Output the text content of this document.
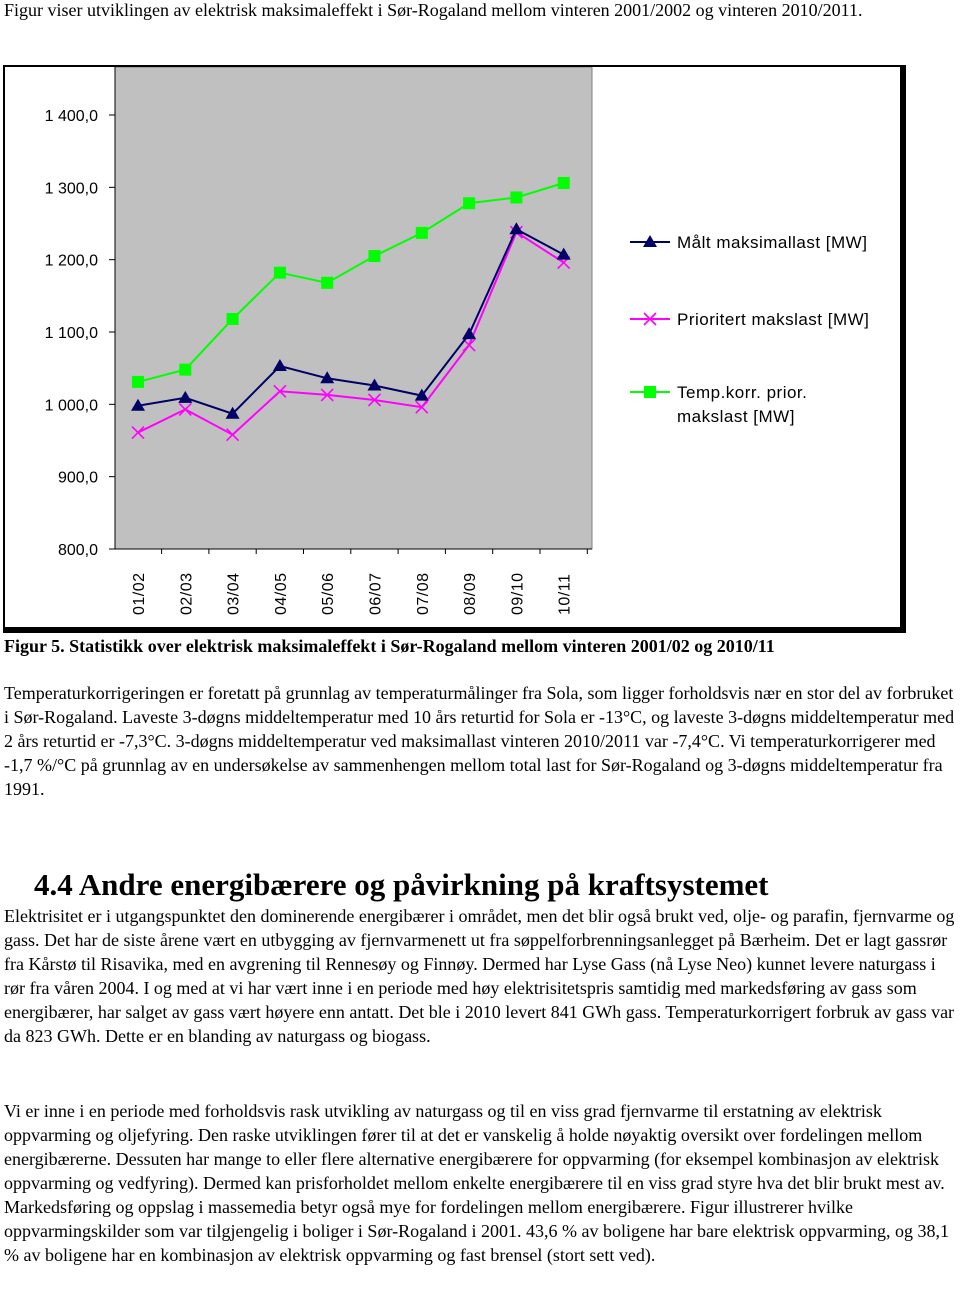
Figur viser utviklingen av elektrisk maksimaleffekt i Sør-Rogaland mellom vinteren 2001/2002 og vinteren 2010/2011.
1 400,0
1 300,0
1 200,0
1 100,0
1 000,0
900,0
800,0
01/02 02/03 03/04 04/05 05/06 06/07 07/08 08/09 09/10 10/11
Målt maksimallast [MW]
Prioritert makslast [MW]
Temp.korr. prior.
makslast [MW]
Figur 5. Statistikk over elektrisk maksimaleffekt i Sør-Rogaland mellom vinteren 2001/02 og 2010/11
Temperaturkorrigeringen er foretatt på grunnlag av temperaturmålinger fra Sola, som ligger forholdsvis nær en stor del av forbruket i Sør-Rogaland. Laveste 3-døgns middeltemperatur med 10 års returtid for Sola er -13°C, og laveste 3-døgns middeltemperatur med 2 års returtid er -7,3°C. 3-døgns middeltemperatur ved maksimallast vinteren 2010/2011 var -7,4°C. Vi temperaturkorrigerer med -1,7 %/°C på grunnlag av en undersøkelse av sammenhengen mellom total last for Sør-Rogaland og 3-døgns middeltemperatur fra 1991.
4.4 Andre energibærere og påvirkning på kraftsystemet
Elektrisitet er i utgangspunktet den dominerende energibærer i området, men det blir også brukt ved, olje- og parafin, fjernvarme og gass. Det har de siste årene vært en utbygging av fjernvarmenett ut fra søppelforbrenningsanlegget på Bærheim. Det er lagt gassrør fra Kårstø til Risavika, med en avgrening til Rennesøy og Finnøy. Dermed har Lyse Gass (nå Lyse Neo) kunnet levere naturgass i rør fra våren 2004. I og med at vi har vært inne i en periode med høy elektrisitetspris samtidig med markedsføring av gass som energibærer, har salget av gass vært høyere enn antatt. Det ble i 2010 levert 841 GWh gass. Temperaturkorrigert forbruk av gass var da 823 GWh. Dette er en blanding av naturgass og biogass.
Vi er inne i en periode med forholdsvis rask utvikling av naturgass og til en viss grad fjernvarme til erstatning av elektrisk oppvarming og oljefyring. Den raske utviklingen fører til at det er vanskelig å holde nøyaktig oversikt over fordelingen mellom energibærerne. Dessuten har mange to eller flere alternative energibærere for oppvarming (for eksempel kombinasjon av elektrisk oppvarming og vedfyring). Dermed kan prisforholdet mellom enkelte energibærere til en viss grad styre hva det blir brukt mest av. Markedsføring og oppslag i massemedia betyr også mye for fordelingen mellom energibærere. Figur illustrerer hvilke oppvarmingskilder som var tilgjengelig i boliger i Sør-Rogaland i 2001. 43,6 % av boligene har bare elektrisk oppvarming, og 38,1 % av boligene har en kombinasjon av elektrisk oppvarming og fast brensel (stort sett ved).
